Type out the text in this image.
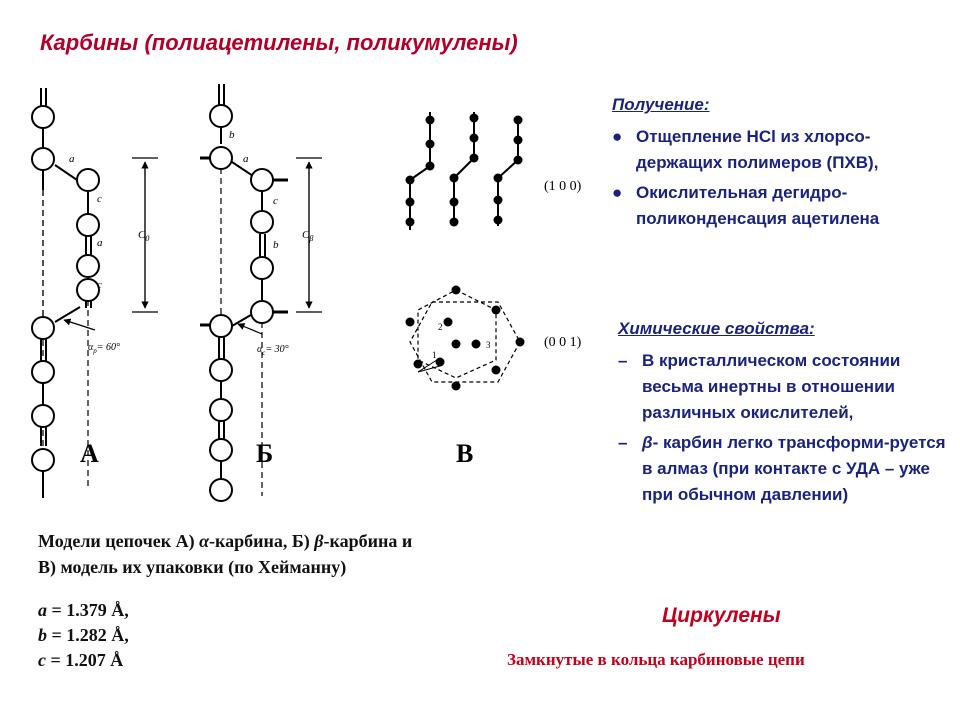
Карбины (полиацетилены, поликумулены)
a
c
a
c
$C_0$
$\alpha_p= 60^\circ$
А
b
a
c
b
$C_\beta$
$\alpha_c= 30^\circ$
Б
(1 0 0)
1
2
3	(0 0 1)
В
Модели цепочек А) α-карбина, Б) β-карбина и
В) модель их упаковки (по Хейманну)
a = 1.379 Å,
b = 1.282 Å,
c = 1.207 Å
Получение:
● Отщепление HCl из хлорсо-держащих полимеров (ПХВ),
● Окислительная дегидро-поликонденсация ацетилена
Химические свойства:
– В кристаллическом состоянии весьма инертны в отношении различных окислителей,
– β- карбин легко трансформи-руется в алмаз (при контакте с УДА – уже при обычном давлении)
Циркулены
Замкнутые в кольца карбиновые цепи
